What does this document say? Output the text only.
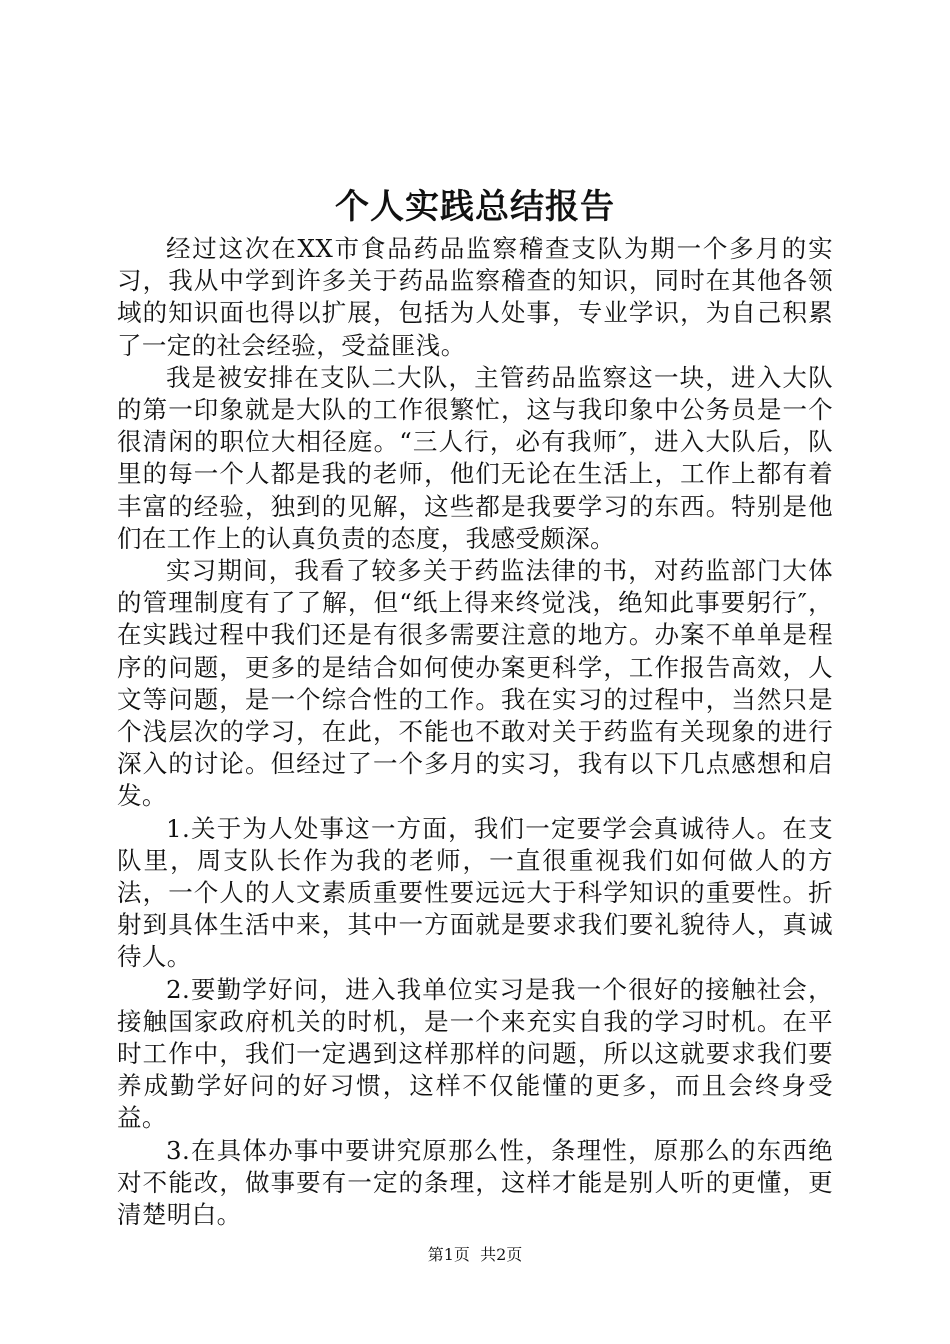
个人实践总结报告

经过这次在XX市食品药品监察稽查支队为期一个多月的实习，我从中学到许多关于药品监察稽查的知识，同时在其他各领域的知识面也得以扩展，包括为人处事，专业学识，为自己积累了一定的社会经验，受益匪浅。

我是被安排在支队二大队，主管药品监察这一块，进入大队的第一印象就是大队的工作很繁忙，这与我印象中公务员是一个很清闲的职位大相径庭。“三人行，必有我师″，进入大队后，队里的每一个人都是我的老师，他们无论在生活上，工作上都有着丰富的经验，独到的见解，这些都是我要学习的东西。特别是他们在工作上的认真负责的态度，我感受颇深。

实习期间，我看了较多关于药监法律的书，对药监部门大体的管理制度有了了解，但“纸上得来终觉浅，绝知此事要躬行″，在实践过程中我们还是有很多需要注意的地方。办案不单单是程序的问题，更多的是结合如何使办案更科学，工作报告高效，人文等问题，是一个综合性的工作。我在实习的过程中，当然只是个浅层次的学习，在此，不能也不敢对关于药监有关现象的进行深入的讨论。但经过了一个多月的实习，我有以下几点感想和启发。

1.关于为人处事这一方面，我们一定要学会真诚待人。在支队里，周支队长作为我的老师，一直很重视我们如何做人的方法，一个人的人文素质重要性要远远大于科学知识的重要性。折射到具体生活中来，其中一方面就是要求我们要礼貌待人，真诚待人。

2.要勤学好问，进入我单位实习是我一个很好的接触社会，接触国家政府机关的时机，是一个来充实自我的学习时机。在平时工作中，我们一定遇到这样那样的问题，所以这就要求我们要养成勤学好问的好习惯，这样不仅能懂的更多，而且会终身受益。

3.在具体办事中要讲究原那么性，条理性，原那么的东西绝对不能改，做事要有一定的条理，这样才能是别人听的更懂，更清楚明白。

第1页 共2页
